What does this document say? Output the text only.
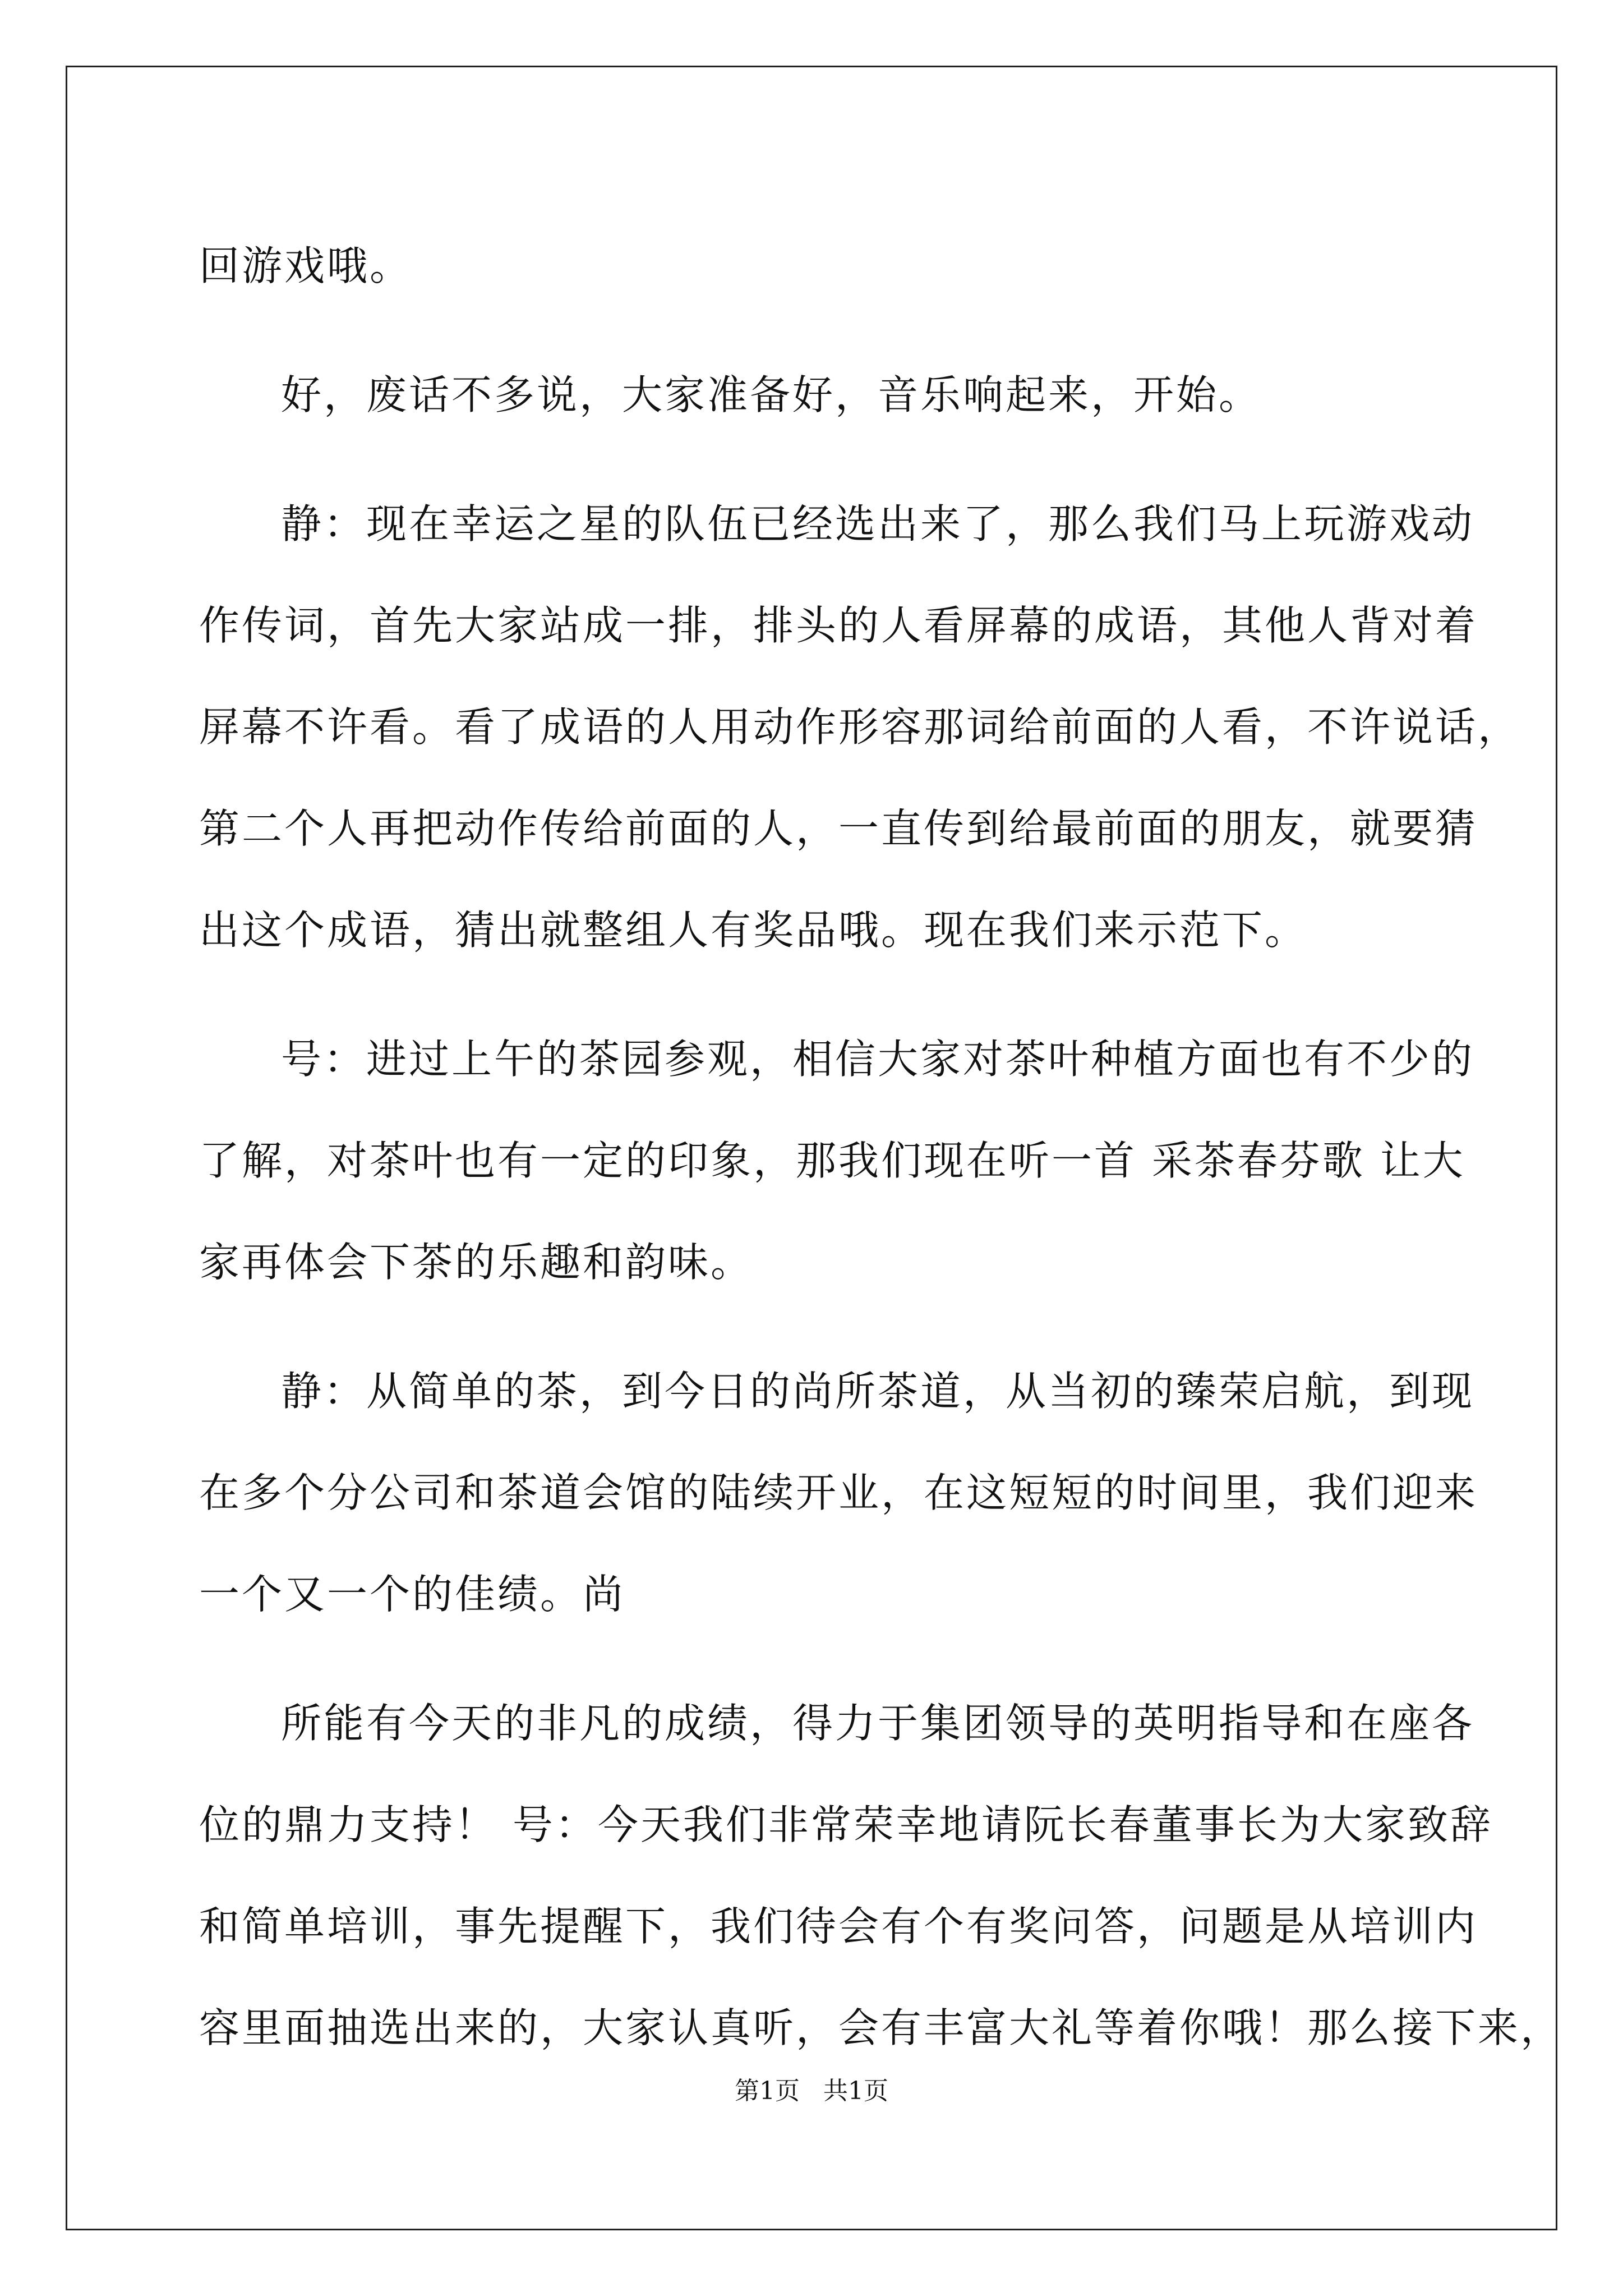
回游戏哦。

好，废话不多说，大家准备好，音乐响起来，开始。

静：现在幸运之星的队伍已经选出来了，那么我们马上玩游戏动
作传词，首先大家站成一排，排头的人看屏幕的成语，其他人背对着
屏幕不许看。看了成语的人用动作形容那词给前面的人看，不许说话，
第二个人再把动作传给前面的人，一直传到给最前面的朋友，就要猜
出这个成语，猜出就整组人有奖品哦。现在我们来示范下。

号：进过上午的茶园参观，相信大家对茶叶种植方面也有不少的
了解，对茶叶也有一定的印象，那我们现在听一首 采茶春芬歌 让大
家再体会下茶的乐趣和韵味。

静：从简单的茶，到今日的尚所茶道，从当初的臻荣启航，到现
在多个分公司和茶道会馆的陆续开业，在这短短的时间里，我们迎来
一个又一个的佳绩。尚

所能有今天的非凡的成绩，得力于集团领导的英明指导和在座各
位的鼎力支持！ 号：今天我们非常荣幸地请阮长春董事长为大家致辞
和简单培训，事先提醒下，我们待会有个有奖问答，问题是从培训内
容里面抽选出来的，大家认真听，会有丰富大礼等着你哦！那么接下来，

第1页 共1页
